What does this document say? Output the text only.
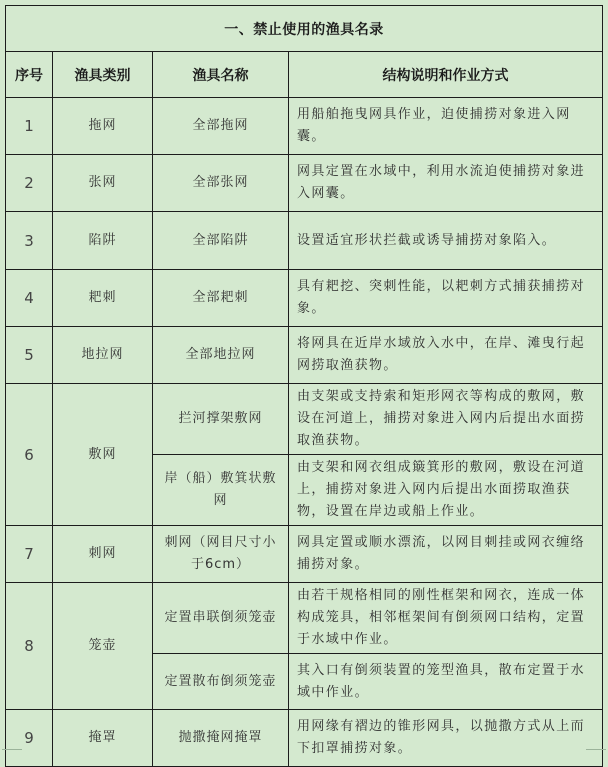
一、禁止使用的渔具名录			
序号	渔具类别	渔具名称	结构说明和作业方式
1	拖网	全部拖网	用船舶拖曳网具作业，迫使捕捞对象进入网囊。
2	张网	全部张网	网具定置在水域中，利用水流迫使捕捞对象进入网囊。
3	陷阱	全部陷阱	设置适宜形状拦截或诱导捕捞对象陷入。
4	耙刺	全部耙刺	具有耙挖、突刺性能，以耙刺方式捕获捕捞对象。
5	地拉网	全部地拉网	将网具在近岸水域放入水中，在岸、滩曳行起网捞取渔获物。
6	敷网	拦河撑架敷网	由支架或支持索和矩形网衣等构成的敷网，敷设在河道上，捕捞对象进入网内后提出水面捞取渔获物。
		岸（船）敷箕状敷网	由支架和网衣组成簸箕形的敷网，敷设在河道上，捕捞对象进入网内后提出水面捞取渔获物，设置在岸边或船上作业。
7	刺网	刺网（网目尺寸小于6cm）	网具定置或顺水漂流，以网目刺挂或网衣缠络捕捞对象。
8	笼壶	定置串联倒须笼壶	由若干规格相同的刚性框架和网衣，连成一体构成笼具，相邻框架间有倒须网口结构，定置于水域中作业。
		定置散布倒须笼壶	其入口有倒须装置的笼型渔具，散布定置于水域中作业。
9	掩罩	抛撒掩网掩罩	用网缘有褶边的锥形网具，以抛撒方式从上而下扣罩捕捞对象。
